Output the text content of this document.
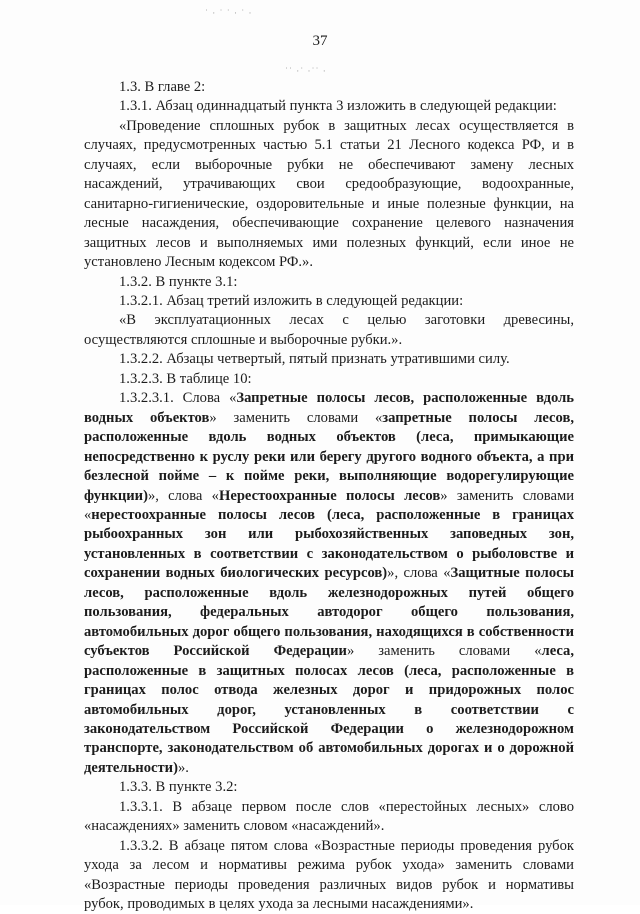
37
˙ · ˙ ˙ · ˙ ·
˙˙ ·˙ ·˙˙ ·

1.3. В главе 2:

1.3.1. Абзац одиннадцатый пункта 3 изложить в следующей редакции:

«Проведение сплошных рубок в защитных лесах осуществляется в случаях, предусмотренных частью 5.1 статьи 21 Лесного кодекса РФ, и в случаях, если выборочные рубки не обеспечивают замену лесных насаждений, утрачивающих свои средообразующие, водоохранные, санитарно-гигиенические, оздоровительные и иные полезные функции, на лесные насаждения, обеспечивающие сохранение целевого назначения защитных лесов и выполняемых ими полезных функций, если иное не установлено Лесным кодексом РФ.».

1.3.2. В пункте 3.1:

1.3.2.1. Абзац третий изложить в следующей редакции:

«В эксплуатационных лесах с целью заготовки древесины, осуществляются сплошные и выборочные рубки.».

1.3.2.2. Абзацы четвертый, пятый признать утратившими силу.

1.3.2.3. В таблице 10:

1.3.2.3.1. Слова «Запретные полосы лесов, расположенные вдоль водных объектов» заменить словами «запретные полосы лесов, расположенные вдоль водных объектов (леса, примыкающие непосредственно к руслу реки или берегу другого водного объекта, а при безлесной пойме – к пойме реки, выполняющие водорегулирующие функции)», слова «Нерестоохранные полосы лесов» заменить словами «нерестоохранные полосы лесов (леса, расположенные в границах рыбоохранных зон или рыбохозяйственных заповедных зон, установленных в соответствии с законодательством о рыболовстве и сохранении водных биологических ресурсов)», слова «Защитные полосы лесов, расположенные вдоль железнодорожных путей общего пользования, федеральных автодорог общего пользования, автомобильных дорог общего пользования, находящихся в собственности субъектов Российской Федерации» заменить словами «леса, расположенные в защитных полосах лесов (леса, расположенные в границах полос отвода железных дорог и придорожных полос автомобильных дорог, установленных в соответствии с законодательством Российской Федерации о железнодорожном транспорте, законодательством об автомобильных дорогах и о дорожной деятельности)».

1.3.3. В пункте 3.2:

1.3.3.1. В абзаце первом после слов «перестойных лесных» слово «насаждениях» заменить словом «насаждений».

1.3.3.2. В абзаце пятом слова «Возрастные периоды проведения рубок ухода за лесом и нормативы режима рубок ухода» заменить словами «Возрастные периоды проведения различных видов рубок и нормативы рубок, проводимых в целях ухода за лесными насаждениями».
